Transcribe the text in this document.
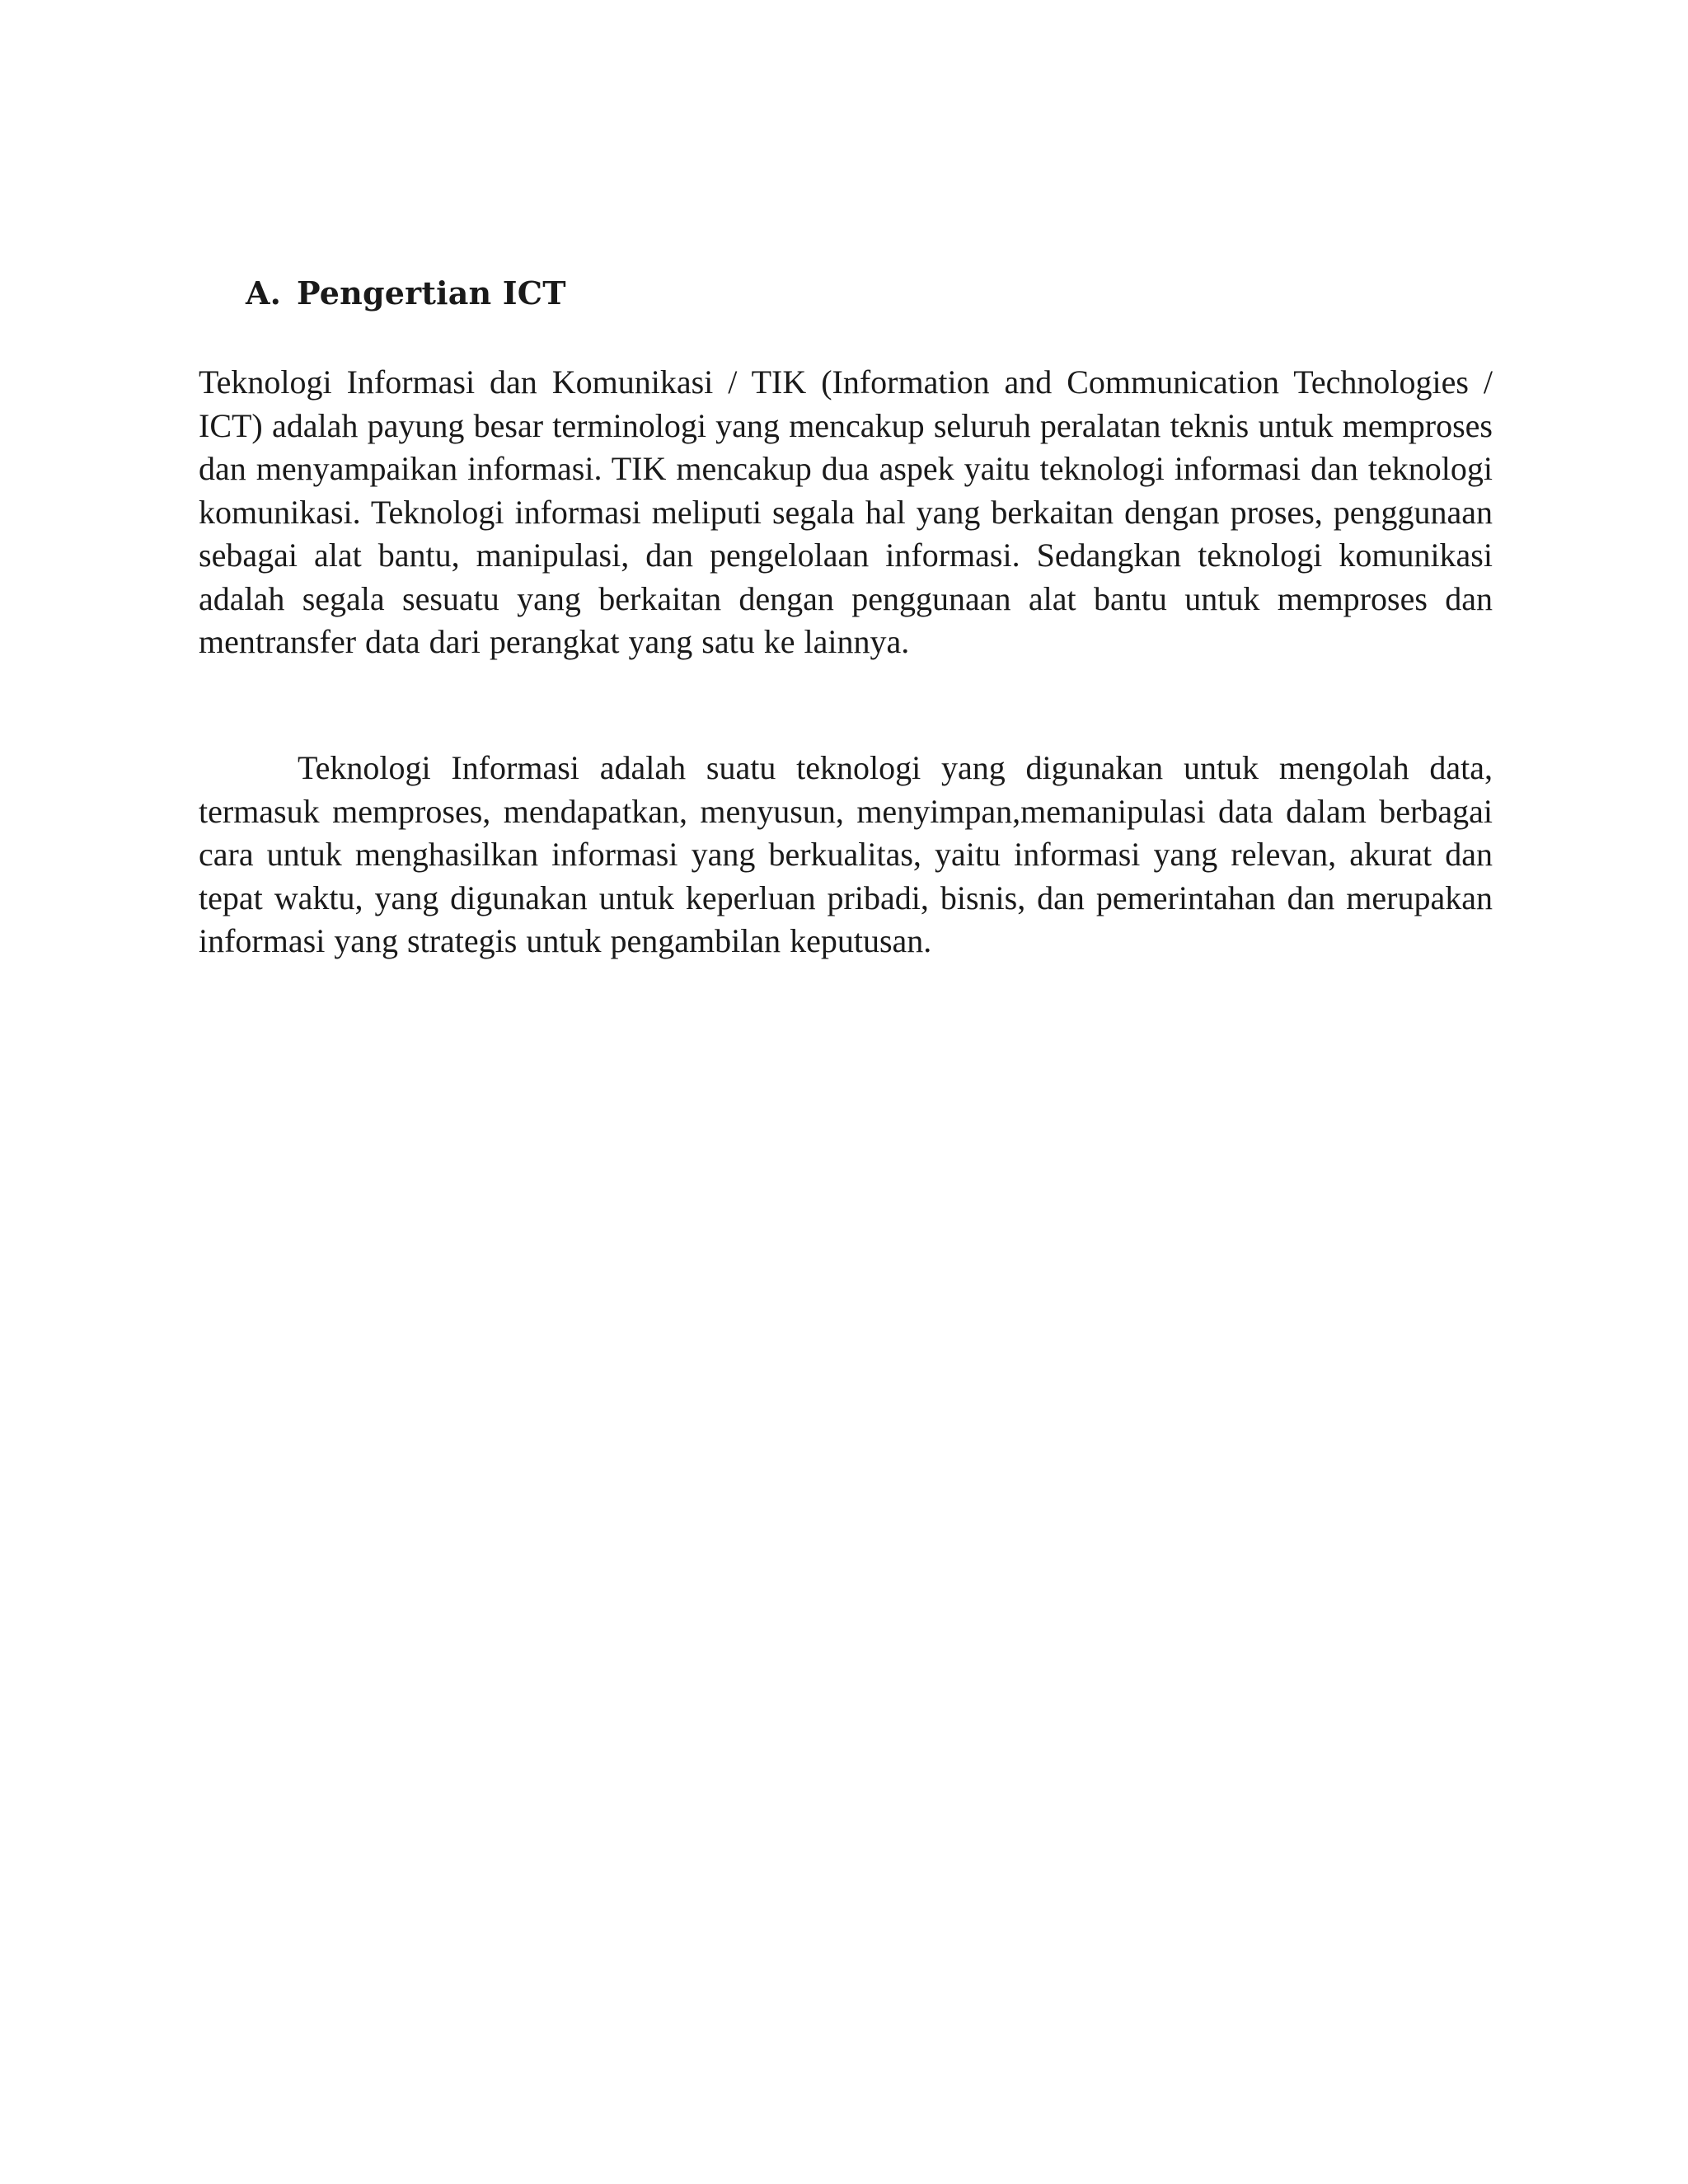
A. Pengertian ICT

Teknologi Informasi dan Komunikasi / TIK (Information and Communication Technologies / ICT) adalah payung besar terminologi yang mencakup seluruh peralatan teknis untuk memproses dan menyampaikan informasi. TIK mencakup dua aspek yaitu teknologi informasi dan teknologi komunikasi. Teknologi informasi meliputi segala hal yang berkaitan dengan proses, penggunaan sebagai alat bantu, manipulasi, dan pengelolaan informasi. Sedangkan teknologi komunikasi adalah segala sesuatu yang berkaitan dengan penggunaan alat bantu untuk memproses dan mentransfer data dari perangkat yang satu ke lainnya.

Teknologi Informasi adalah suatu teknologi yang digunakan untuk mengolah data, termasuk memproses, mendapatkan, menyusun, menyimpan,memanipulasi data dalam berbagai cara untuk menghasilkan informasi yang berkualitas, yaitu informasi yang relevan, akurat dan tepat waktu, yang digunakan untuk keperluan pribadi, bisnis, dan pemerintahan dan merupakan informasi yang strategis untuk pengambilan keputusan.
